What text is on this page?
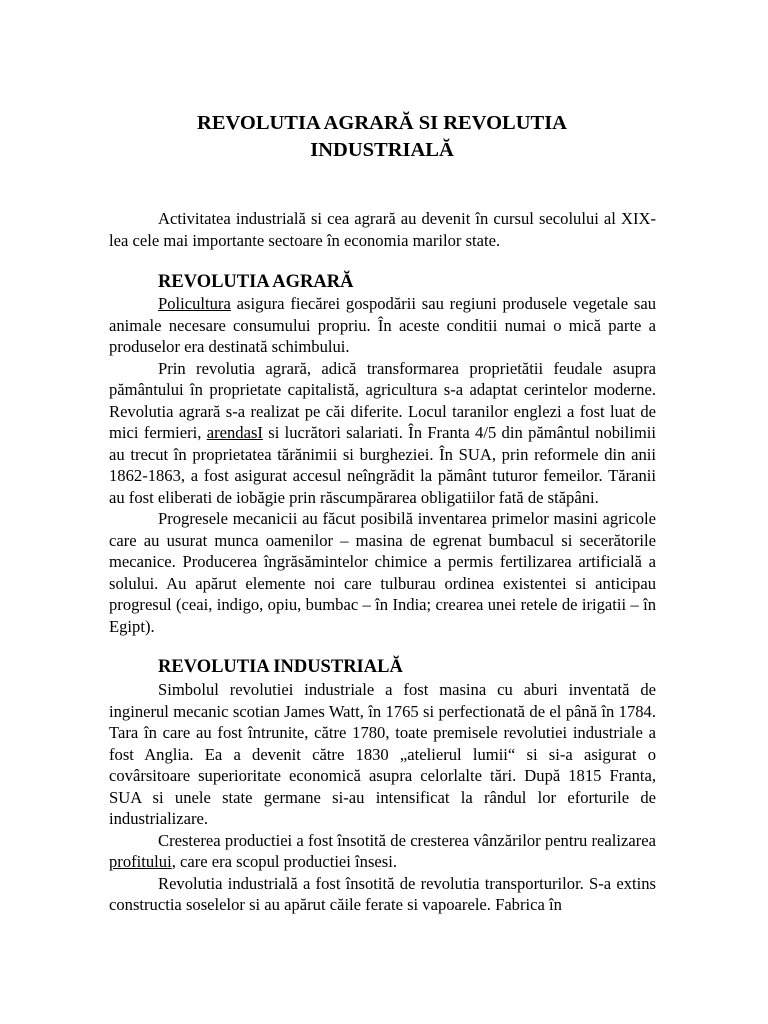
REVOLUTIA AGRARĂ SI REVOLUTIA
INDUSTRIALĂ

Activitatea industrială si cea agrară au devenit în cursul secolului al XIX-lea cele mai importante sectoare în economia marilor state.

REVOLUTIA AGRARĂ

Policultura asigura fiecărei gospodării sau regiuni produsele vegetale sau animale necesare consumului propriu. În aceste conditii numai o mică parte a produselor era destinată schimbului.

Prin revolutia agrară, adică transformarea proprietătii feudale asupra pământului în proprietate capitalistă, agricultura s-a adaptat cerintelor moderne. Revolutia agrară s-a realizat pe căi diferite. Locul taranilor englezi a fost luat de mici fermieri, arendasI si lucrători salariati. În Franta 4/5 din pământul nobilimii au trecut în proprietatea tărănimii si burgheziei. În SUA, prin reformele din anii 1862-1863, a fost asigurat accesul neîngrădit la pământ tuturor femeilor. Tăranii au fost eliberati de iobăgie prin răscumpărarea obligatiilor fată de stăpâni.

Progresele mecanicii au făcut posibilă inventarea primelor masini agricole care au usurat munca oamenilor – masina de egrenat bumbacul si secerătorile mecanice. Producerea îngrăsămintelor chimice a permis fertilizarea artificială a solului. Au apărut elemente noi care tulburau ordinea existentei si anticipau progresul (ceai, indigo, opiu, bumbac – în India; crearea unei retele de irigatii – în Egipt).

REVOLUTIA INDUSTRIALĂ

Simbolul revolutiei industriale a fost masina cu aburi inventată de inginerul mecanic scotian James Watt, în 1765 si perfectionată de el până în 1784. Tara în care au fost întrunite, către 1780, toate premisele revolutiei industriale a fost Anglia. Ea a devenit către 1830 „atelierul lumii“ si si-a asigurat o covârsitoare superioritate economică asupra celorlalte tări. După 1815 Franta, SUA si unele state germane si-au intensificat la rândul lor eforturile de industrializare.

Cresterea productiei a fost însotită de cresterea vânzărilor pentru realizarea profitului, care era scopul productiei însesi.

Revolutia industrială a fost însotită de revolutia transporturilor. S-a extins constructia soselelor si au apărut căile ferate si vapoarele. Fabrica în
